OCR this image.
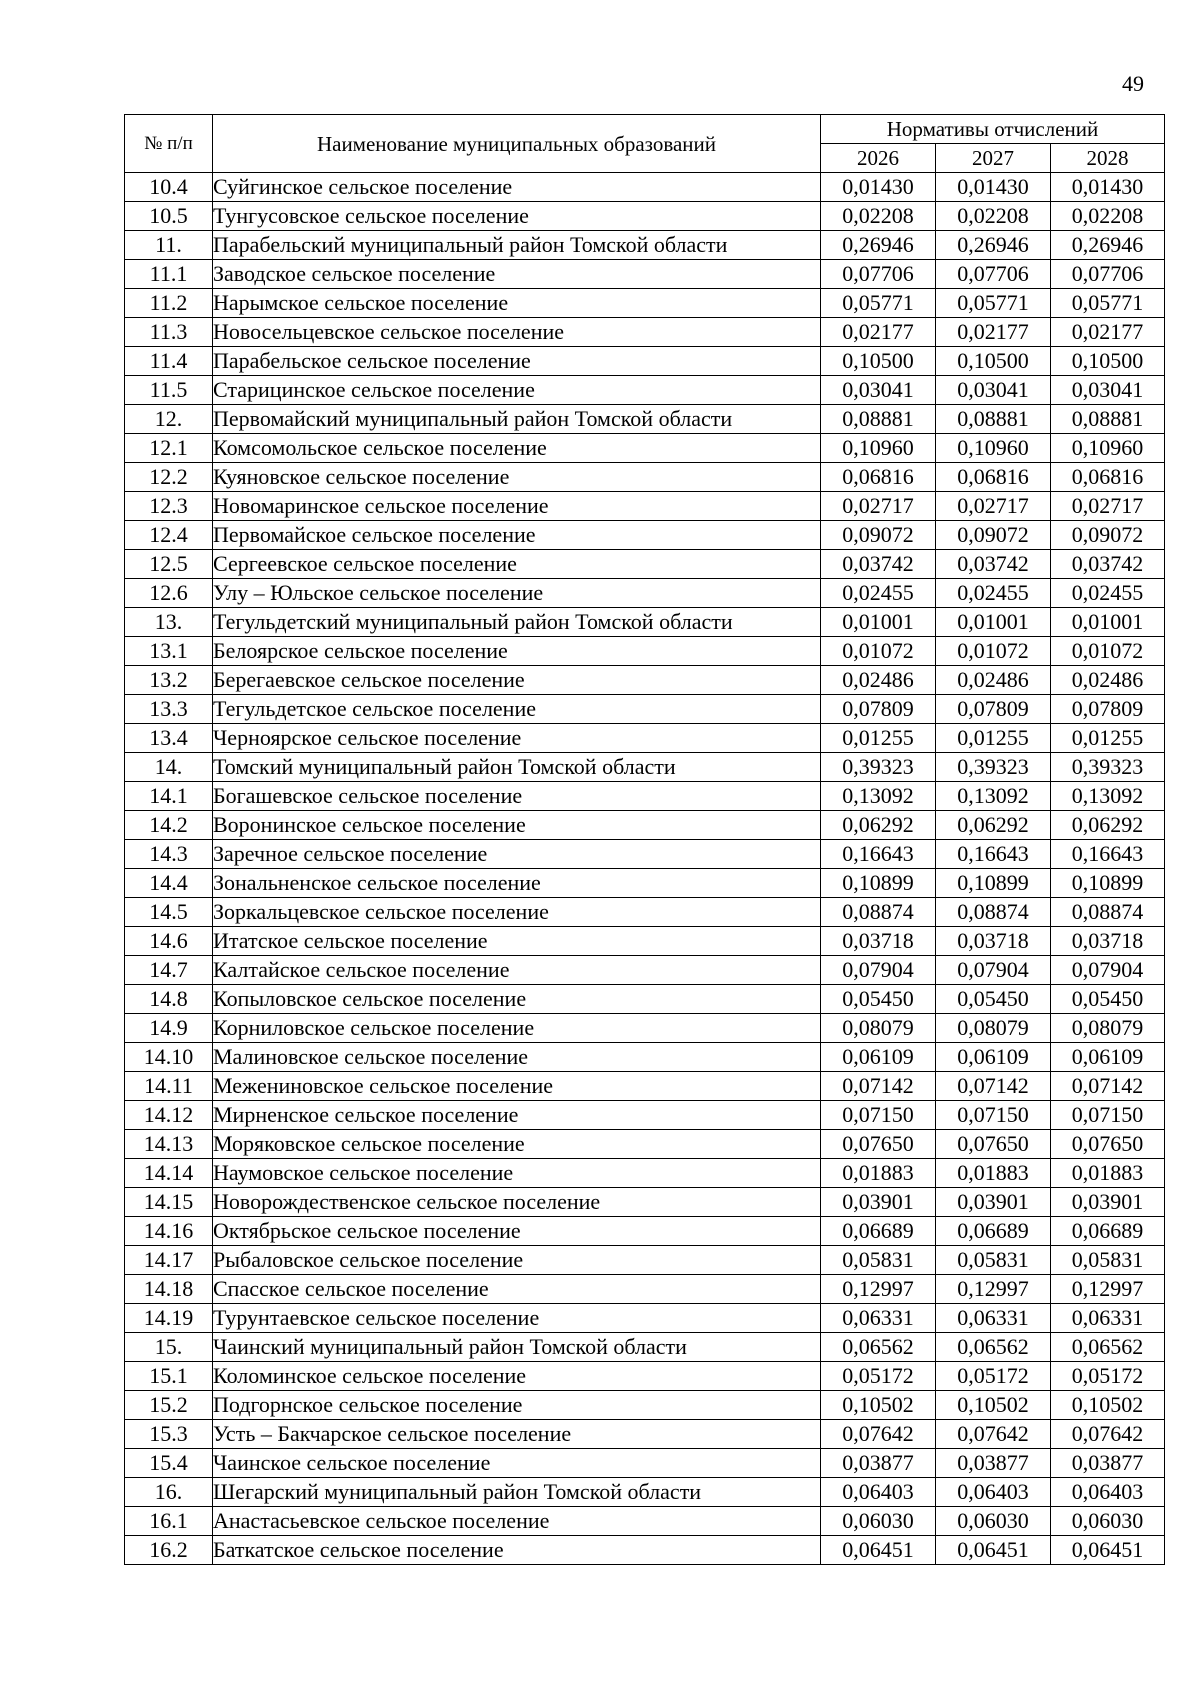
49
№ п/п	Наименование муниципальных образований	Нормативы отчислений		
		2026	2027	2028
10.4	Суйгинское сельское поселение	0,01430	0,01430	0,01430
10.5	Тунгусовское сельское поселение	0,02208	0,02208	0,02208
11.	Парабельский муниципальный район Томской области	0,26946	0,26946	0,26946
11.1	Заводское сельское поселение	0,07706	0,07706	0,07706
11.2	Нарымское сельское поселение	0,05771	0,05771	0,05771
11.3	Новосельцевское сельское поселение	0,02177	0,02177	0,02177
11.4	Парабельское сельское поселение	0,10500	0,10500	0,10500
11.5	Старицинское сельское поселение	0,03041	0,03041	0,03041
12.	Первомайский муниципальный район Томской области	0,08881	0,08881	0,08881
12.1	Комсомольское сельское поселение	0,10960	0,10960	0,10960
12.2	Куяновское сельское поселение	0,06816	0,06816	0,06816
12.3	Новомаринское сельское поселение	0,02717	0,02717	0,02717
12.4	Первомайское сельское поселение	0,09072	0,09072	0,09072
12.5	Сергеевское сельское поселение	0,03742	0,03742	0,03742
12.6	Улу – Юльское сельское поселение	0,02455	0,02455	0,02455
13.	Тегульдетский муниципальный район Томской области	0,01001	0,01001	0,01001
13.1	Белоярское сельское поселение	0,01072	0,01072	0,01072
13.2	Берегаевское сельское поселение	0,02486	0,02486	0,02486
13.3	Тегульдетское сельское поселение	0,07809	0,07809	0,07809
13.4	Черноярское сельское поселение	0,01255	0,01255	0,01255
14.	Томский муниципальный район Томской области	0,39323	0,39323	0,39323
14.1	Богашевское сельское поселение	0,13092	0,13092	0,13092
14.2	Воронинское сельское поселение	0,06292	0,06292	0,06292
14.3	Заречное сельское поселение	0,16643	0,16643	0,16643
14.4	Зональненское сельское поселение	0,10899	0,10899	0,10899
14.5	Зоркальцевское сельское поселение	0,08874	0,08874	0,08874
14.6	Итатское сельское поселение	0,03718	0,03718	0,03718
14.7	Калтайское сельское поселение	0,07904	0,07904	0,07904
14.8	Копыловское сельское поселение	0,05450	0,05450	0,05450
14.9	Корниловское сельское поселение	0,08079	0,08079	0,08079
14.10	Малиновское сельское поселение	0,06109	0,06109	0,06109
14.11	Межениновское сельское поселение	0,07142	0,07142	0,07142
14.12	Мирненское сельское поселение	0,07150	0,07150	0,07150
14.13	Моряковское сельское поселение	0,07650	0,07650	0,07650
14.14	Наумовское сельское поселение	0,01883	0,01883	0,01883
14.15	Новорождественское сельское поселение	0,03901	0,03901	0,03901
14.16	Октябрьское сельское поселение	0,06689	0,06689	0,06689
14.17	Рыбаловское сельское поселение	0,05831	0,05831	0,05831
14.18	Спасское сельское поселение	0,12997	0,12997	0,12997
14.19	Турунтаевское сельское поселение	0,06331	0,06331	0,06331
15.	Чаинский муниципальный район Томской области	0,06562	0,06562	0,06562
15.1	Коломинское сельское поселение	0,05172	0,05172	0,05172
15.2	Подгорнское сельское поселение	0,10502	0,10502	0,10502
15.3	Усть – Бакчарское сельское поселение	0,07642	0,07642	0,07642
15.4	Чаинское сельское поселение	0,03877	0,03877	0,03877
16.	Шегарский муниципальный район Томской области	0,06403	0,06403	0,06403
16.1	Анастасьевское сельское поселение	0,06030	0,06030	0,06030
16.2	Баткатское сельское поселение	0,06451	0,06451	0,06451
